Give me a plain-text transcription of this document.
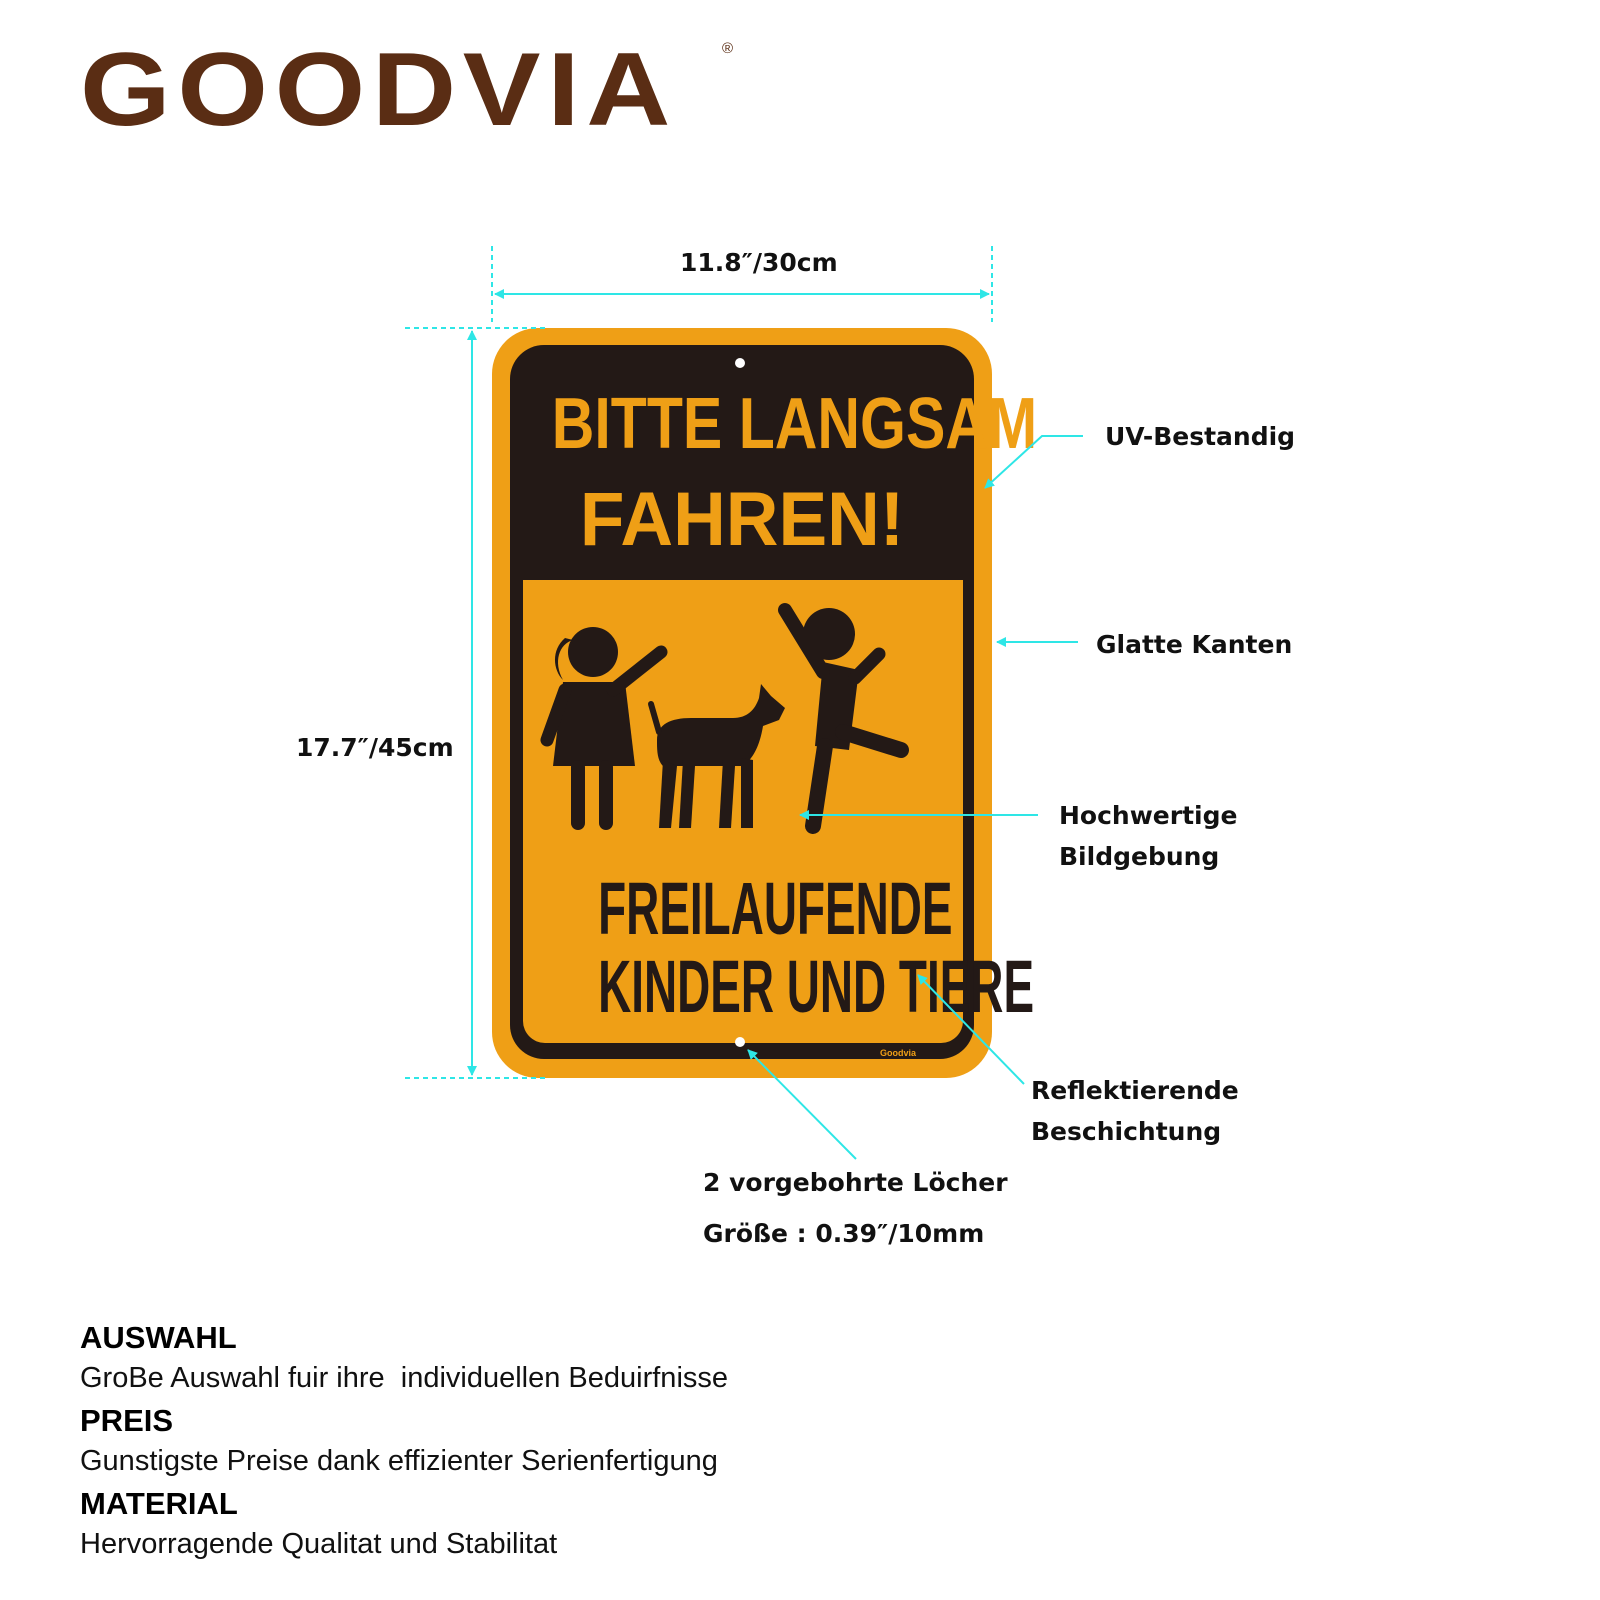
GOODVIA	®
BITTE LANGSAM
FAHREN!
FREILAUFENDE
KINDER UND TIERE
Goodvia
11.8″/30cm
17.7″/45cm
UV-Bestandig
Glatte Kanten
Hochwertige
Bildgebung
Reflektierende
Beschichtung
2 vorgebohrte Löcher
Größe : 0.39″/10mm
AUSWAHL
GroBe Auswahl fuir ihre  individuellen Beduirfnisse
PREIS
Gunstigste Preise dank effizienter Serienfertigung
MATERIAL
Hervorragende Qualitat und Stabilitat
